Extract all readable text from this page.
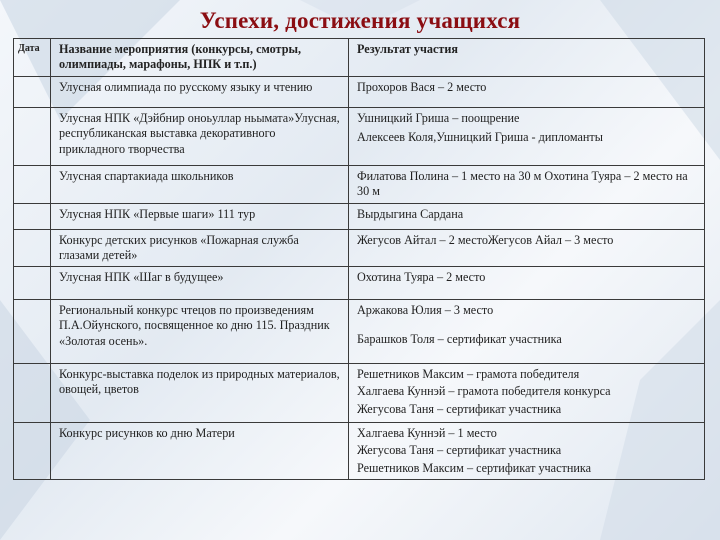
Успехи, достижения учащихся
Дата	Название мероприятия (конкурсы, смотры, олимпиады, марафоны, НПК и т.п.)	Результат участия
	Улусная олимпиада по русскому языку и чтению	Прохоров Вася – 2 место

	Улусная НПК «Дэйбнир оноьуллар ньымата»Улусная, республиканская выставка декоративного прикладного творчества	Ушницкий Гриша – поощрение
Алексеев Коля,Ушницкий Гриша - дипломанты

	Улусная спартакиада школьников	Филатова Полина – 1 место на 30 м Охотина Туяра – 2 место на 30 м

	Улусная НПК «Первые шаги» 111 тур	Вырдыгина Сардана

	Конкурс детских рисунков «Пожарная служба глазами детей»	Жегусов Айтал – 2 местоЖегусов Айал – 3 место

	Улусная НПК «Шаг в будущее»	Охотина Туяра – 2 место

	Региональный конкурс чтецов по произведениям П.А.Ойунского, посвященное ко дню 115. Праздник «Золотая осень».	Аржакова Юлия – 3 место
Барашков Толя – сертификат участника

	Конкурс-выставка поделок из природных материалов, овощей, цветов	Решетников Максим – грамота победителя
Халгаева Куннэй – грамота победителя конкурса
Жегусова Таня – сертификат участника

	Конкурс рисунков ко дню Матери	Халгаева Куннэй – 1 место
Жегусова Таня – сертификат участника
Решетников Максим – сертификат участника
